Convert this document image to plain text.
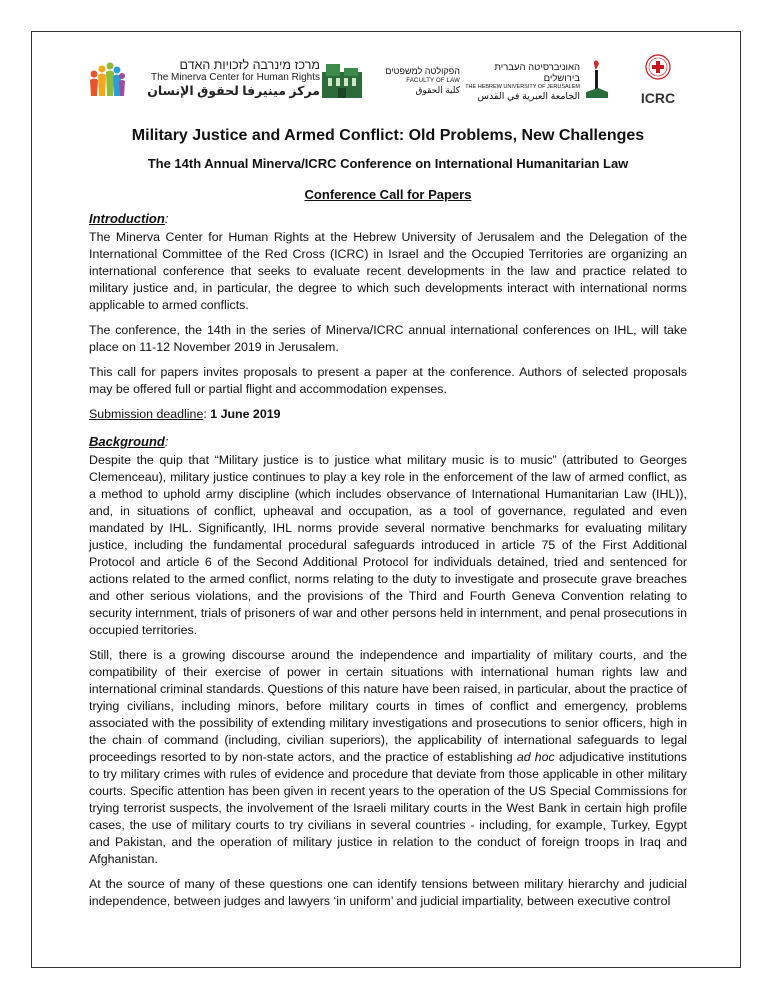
מרכז מינרבה לזכויות האדם
The Minerva Center for Human Rights
مركز مينيرفا لحقوق الإنسان
הפקולטה למשפטים
FACULTY OF LAW
كلية الحقوق
האוניברסיטה העברית בירושלים
THE HEBREW UNIVERSITY OF JERUSALEM
الجامعة العبرية في القدس	ICRC
Military Justice and Armed Conflict: Old Problems, New Challenges
The 14th Annual Minerva/ICRC Conference on International Humanitarian Law
Conference Call for Papers
Introduction:

The Minerva Center for Human Rights at the Hebrew University of Jerusalem and the Delegation of the International Committee of the Red Cross (ICRC) in Israel and the Occupied Territories are organizing an international conference that seeks to evaluate recent developments in the law and practice related to military justice and, in particular, the degree to which such developments interact with international norms applicable to armed conflicts.

The conference, the 14th in the series of Minerva/ICRC annual international conferences on IHL, will take place on 11-12 November 2019 in Jerusalem.

This call for papers invites proposals to present a paper at the conference. Authors of selected proposals may be offered full or partial flight and accommodation expenses.

Submission deadline: 1 June 2019
Background:

Despite the quip that “Military justice is to justice what military music is to music” (attributed to Georges Clemenceau), military justice continues to play a key role in the enforcement of the law of armed conflict, as a method to uphold army discipline (which includes observance of International Humanitarian Law (IHL)), and, in situations of conflict, upheaval and occupation, as a tool of governance, regulated and even mandated by IHL. Significantly, IHL norms provide several normative benchmarks for evaluating military justice, including the fundamental procedural safeguards introduced in article 75 of the First Additional Protocol and article 6 of the Second Additional Protocol for individuals detained, tried and sentenced for actions related to the armed conflict, norms relating to the duty to investigate and prosecute grave breaches and other serious violations, and the provisions of the Third and Fourth Geneva Convention relating to security internment, trials of prisoners of war and other persons held in internment, and penal prosecutions in occupied territories.

Still, there is a growing discourse around the independence and impartiality of military courts, and the compatibility of their exercise of power in certain situations with international human rights law and international criminal standards. Questions of this nature have been raised, in particular, about the practice of trying civilians, including minors, before military courts in times of conflict and emergency, problems associated with the possibility of extending military investigations and prosecutions to senior officers, high in the chain of command (including, civilian superiors), the applicability of international safeguards to legal proceedings resorted to by non-state actors, and the practice of establishing ad hoc adjudicative institutions to try military crimes with rules of evidence and procedure that deviate from those applicable in other military courts. Specific attention has been given in recent years to the operation of the US Special Commissions for trying terrorist suspects, the involvement of the Israeli military courts in the West Bank in certain high profile cases, the use of military courts to try civilians in several countries - including, for example, Turkey, Egypt and Pakistan, and the operation of military justice in relation to the conduct of foreign troops in Iraq and Afghanistan.

At the source of many of these questions one can identify tensions between military hierarchy and judicial independence, between judges and lawyers ‘in uniform’ and judicial impartiality, between executive control
